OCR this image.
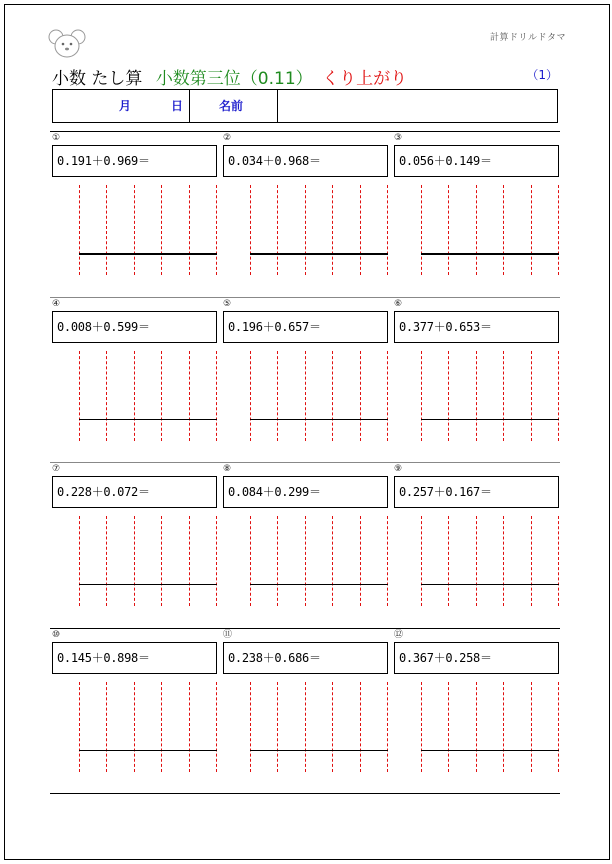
計算ドリルドタマ
小数 たし算 小数第三位（0.11） くり上がり	（1）
月	日	名前
①
0.191＋0.969＝
②
0.034＋0.968＝
③
0.056＋0.149＝
④
0.008＋0.599＝
⑤
0.196＋0.657＝
⑥
0.377＋0.653＝
⑦
0.228＋0.072＝
⑧
0.084＋0.299＝
⑨
0.257＋0.167＝
⑩
0.145＋0.898＝
⑪
0.238＋0.686＝
⑫
0.367＋0.258＝
